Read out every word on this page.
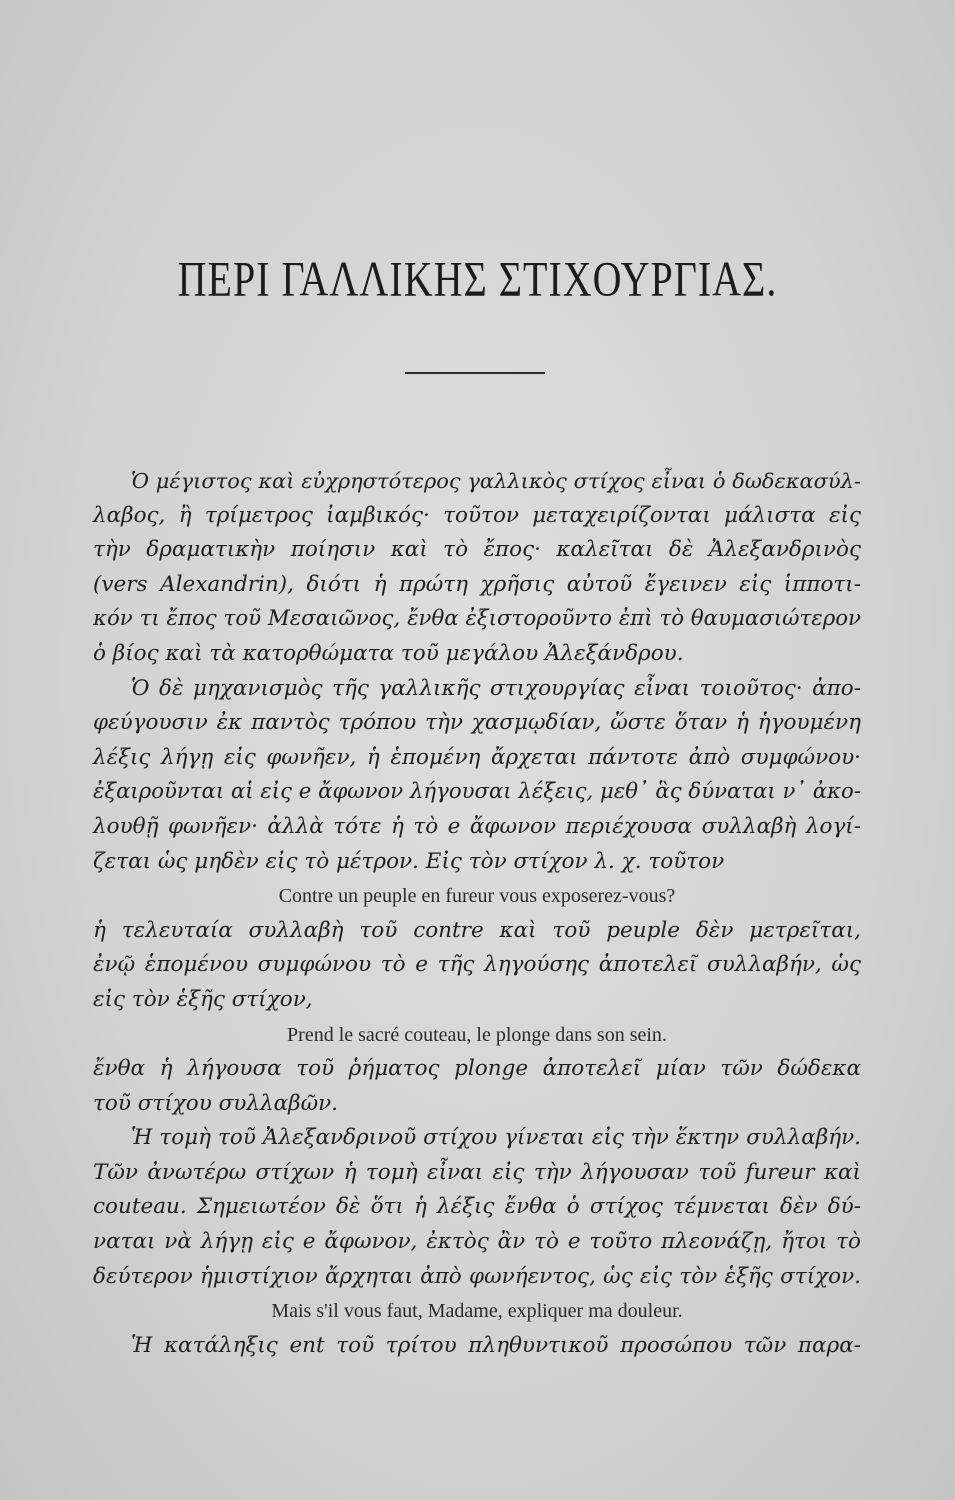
ΠΕΡΙ ΓΑΛΛΙΚΗΣ ΣΤΙΧΟΥΡΓΙΑΣ.
Ὁ μέγιστος καὶ εὐχρηστότερος γαλλικὸς στίχος εἶναι ὁ δωδεκασύλ-
λαβος, ἢ τρίμετρος ἰαμβικός· τοῦτον μεταχειρίζονται μάλιστα εἰς
τὴν δραματικὴν ποίησιν καὶ τὸ ἔπος· καλεῖται δὲ Ἀλεξανδρινὸς
(vers Alexandrin), διότι ἡ πρώτη χρῆσις αὐτοῦ ἔγεινεν εἰς ἱπποτι-
κόν τι ἔπος τοῦ Μεσαιῶνος, ἔνθα ἐξιστοροῦντο ἐπὶ τὸ θαυμασιώτερον
ὁ βίος καὶ τὰ κατορθώματα τοῦ μεγάλου Ἀλεξάνδρου.
Ὁ δὲ μηχανισμὸς τῆς γαλλικῆς στιχουργίας εἶναι τοιοῦτος· ἀπο-
φεύγουσιν ἐκ παντὸς τρόπου τὴν χασμῳδίαν, ὥστε ὅταν ἡ ἡγουμένη
λέξις λήγῃ εἰς φωνῆεν, ἡ ἑπομένη ἄρχεται πάντοτε ἀπὸ συμφώνου·
ἐξαιροῦνται αἱ εἰς e ἄφωνον λήγουσαι λέξεις, μεθ᾽ ἃς δύναται ν᾽ ἀκο-
λουθῇ φωνῆεν· ἀλλὰ τότε ἡ τὸ e ἄφωνον περιέχουσα συλλαβὴ λογί-
ζεται ὡς μηδὲν εἰς τὸ μέτρον. Εἰς τὸν στίχον λ. χ. τοῦτον
Contre un peuple en fureur vous exposerez-vous?
ἡ τελευταία συλλαβὴ τοῦ contre καὶ τοῦ peuple δὲν μετρεῖται,
ἐνῷ ἑπομένου συμφώνου τὸ e τῆς ληγούσης ἀποτελεῖ συλλαβήν, ὡς
εἰς τὸν ἑξῆς στίχον,
Prend le sacré couteau, le plonge dans son sein.
ἔνθα ἡ λήγουσα τοῦ ῥήματος plonge ἀποτελεῖ μίαν τῶν δώδεκα
τοῦ στίχου συλλαβῶν.
Ἡ τομὴ τοῦ Ἀλεξανδρινοῦ στίχου γίνεται εἰς τὴν ἕκτην συλλαβήν.
Τῶν ἀνωτέρω στίχων ἡ τομὴ εἶναι εἰς τὴν λήγουσαν τοῦ fureur καὶ
couteau. Σημειωτέον δὲ ὅτι ἡ λέξις ἔνθα ὁ στίχος τέμνεται δὲν δύ-
ναται νὰ λήγῃ εἰς e ἄφωνον, ἐκτὸς ἂν τὸ e τοῦτο πλεονάζῃ, ἤτοι τὸ
δεύτερον ἡμιστίχιον ἄρχηται ἀπὸ φωνήεντος, ὡς εἰς τὸν ἑξῆς στίχον.
Mais s'il vous faut, Madame, expliquer ma douleur.
Ἡ κατάληξις ent τοῦ τρίτου πληθυντικοῦ προσώπου τῶν παρα-
